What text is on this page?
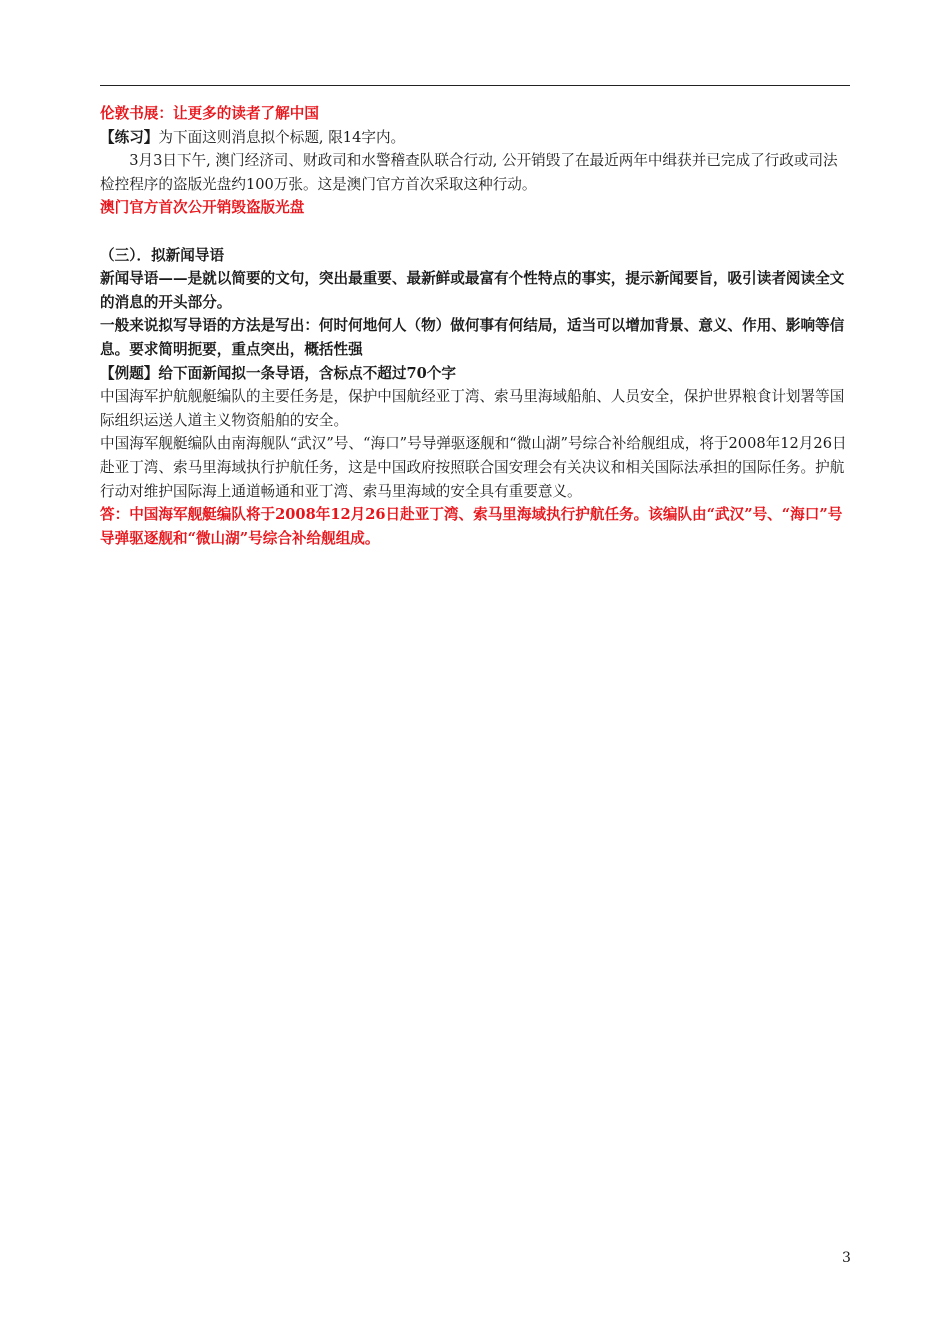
伦敦书展：让更多的读者了解中国

【练习】为下面这则消息拟个标题, 限14字内。

3月3日下午, 澳门经济司、财政司和水警稽查队联合行动, 公开销毁了在最近两年中缉获并已完成了行政或司法检控程序的盗版光盘约100万张。这是澳门官方首次采取这种行动。

澳门官方首次公开销毁盗版光盘

（三）．拟新闻导语

新闻导语——是就以简要的文句，突出最重要、最新鲜或最富有个性特点的事实，提示新闻要旨，吸引读者阅读全文的消息的开头部分。

一般来说拟写导语的方法是写出：何时何地何人（物）做何事有何结局，适当可以增加背景、意义、作用、影响等信息。要求简明扼要，重点突出，概括性强

【例题】给下面新闻拟一条导语，含标点不超过70个字

中国海军护航舰艇编队的主要任务是，保护中国航经亚丁湾、索马里海域船舶、人员安全，保护世界粮食计划署等国际组织运送人道主义物资船舶的安全。

中国海军舰艇编队由南海舰队“武汉”号、“海口”号导弹驱逐舰和“微山湖”号综合补给舰组成，将于2008年12月26日赴亚丁湾、索马里海域执行护航任务，这是中国政府按照联合国安理会有关决议和相关国际法承担的国际任务。护航行动对维护国际海上通道畅通和亚丁湾、索马里海域的安全具有重要意义。

答：中国海军舰艇编队将于2008年12月26日赴亚丁湾、索马里海域执行护航任务。该编队由“武汉”号、“海口”号导弹驱逐舰和“微山湖”号综合补给舰组成。

3
